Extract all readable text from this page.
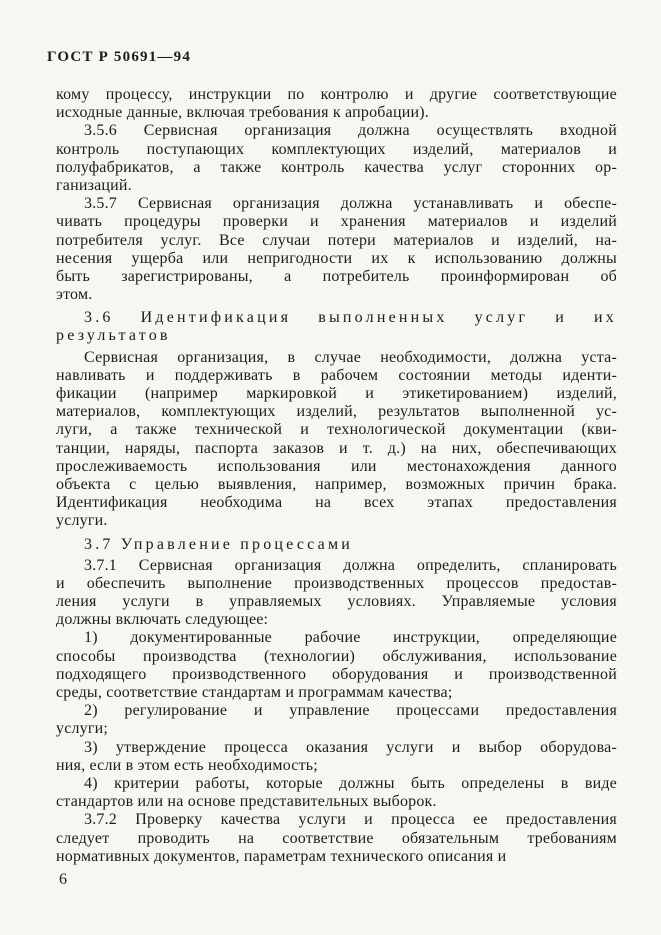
ГОСТ Р 50691—94
кому процессу, инструкции по контролю и другие соответствующие
исходные данные, включая требования к апробации).
3.5.6 Сервисная организация должна осуществлять входной
контроль поступающих комплектующих изделий, материалов и
полуфабрикатов, а также контроль качества услуг сторонних ор-
ганизаций.
3.5.7 Сервисная организация должна устанавливать и обеспе-
чивать процедуры проверки и хранения материалов и изделий
потребителя услуг. Все случаи потери материалов и изделий, на-
несения ущерба или непригодности их к использованию должны
быть зарегистрированы, а потребитель проинформирован об
этом.
3.6 Идентификация выполненных услуг и их
результатов
Сервисная организация, в случае необходимости, должна уста-
навливать и поддерживать в рабочем состоянии методы иденти-
фикации (например маркировкой и этикетированием) изделий,
материалов, комплектующих изделий, результатов выполненной ус-
луги, а также технической и технологической документации (кви-
танции, наряды, паспорта заказов и т. д.) на них, обеспечивающих
прослеживаемость использования или местонахождения данного
объекта с целью выявления, например, возможных причин брака.
Идентификация необходима на всех этапах предоставления
услуги.
3.7 Управление процессами
3.7.1 Сервисная организация должна определить, спланировать
и обеспечить выполнение производственных процессов предостав-
ления услуги в управляемых условиях. Управляемые условия
должны включать следующее:
1) документированные рабочие инструкции, определяющие
способы производства (технологии) обслуживания, использование
подходящего производственного оборудования и производственной
среды, соответствие стандартам и программам качества;
2) регулирование и управление процессами предоставления
услуги;
3) утверждение процесса оказания услуги и выбор оборудова-
ния, если в этом есть необходимость;
4) критерии работы, которые должны быть определены в виде
стандартов или на основе представительных выборок.
3.7.2 Проверку качества услуги и процесса ее предоставления
следует проводить на соответствие обязательным требованиям
нормативных документов, параметрам технического описания и
6
